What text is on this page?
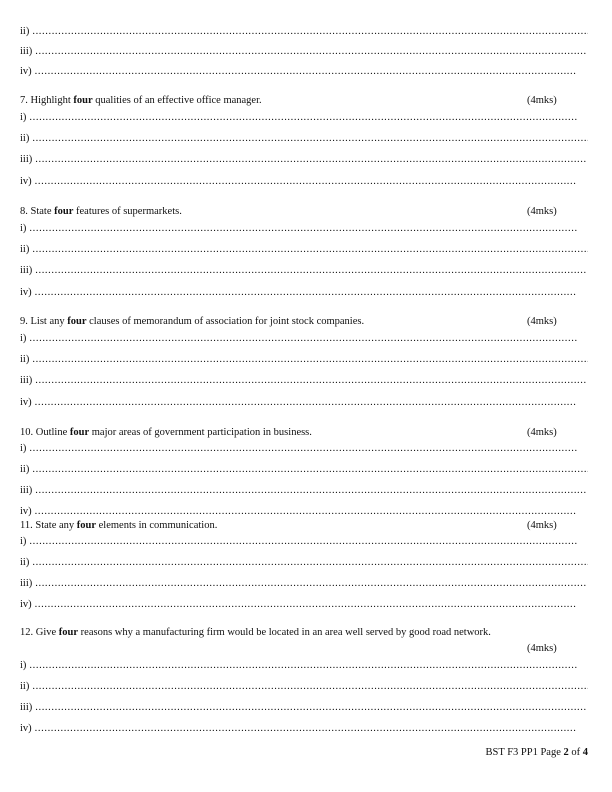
ii)
.....
iii)
.....
iv)
.....
7. Highlight four qualities of an effective office manager.	(4mks)
i)
.....
ii)
.....
iii)
.....
iv)
.....
8. State four features of supermarkets.	(4mks)
i)
.....
ii)
.....
iii)
.....
iv)
.....
9. List any four clauses of memorandum of association for joint stock companies.	(4mks)
i)
.....
ii)
.....
iii)
.....
iv)
.....
10. Outline four major areas of government participation in business.	(4mks)
i)
.....
ii)
.....
iii)
.....
iv)
.....
11. State any four elements in communication.	(4mks)
i)
.....
ii)
.....
iii)
.....
iv)
.....
12. Give four reasons why a manufacturing firm would be located in an area well served by good road network.
(4mks)
i)
.....
ii)
.....
iii)
.....
iv)
.....
BST F3 PP1 Page 2 of 4
